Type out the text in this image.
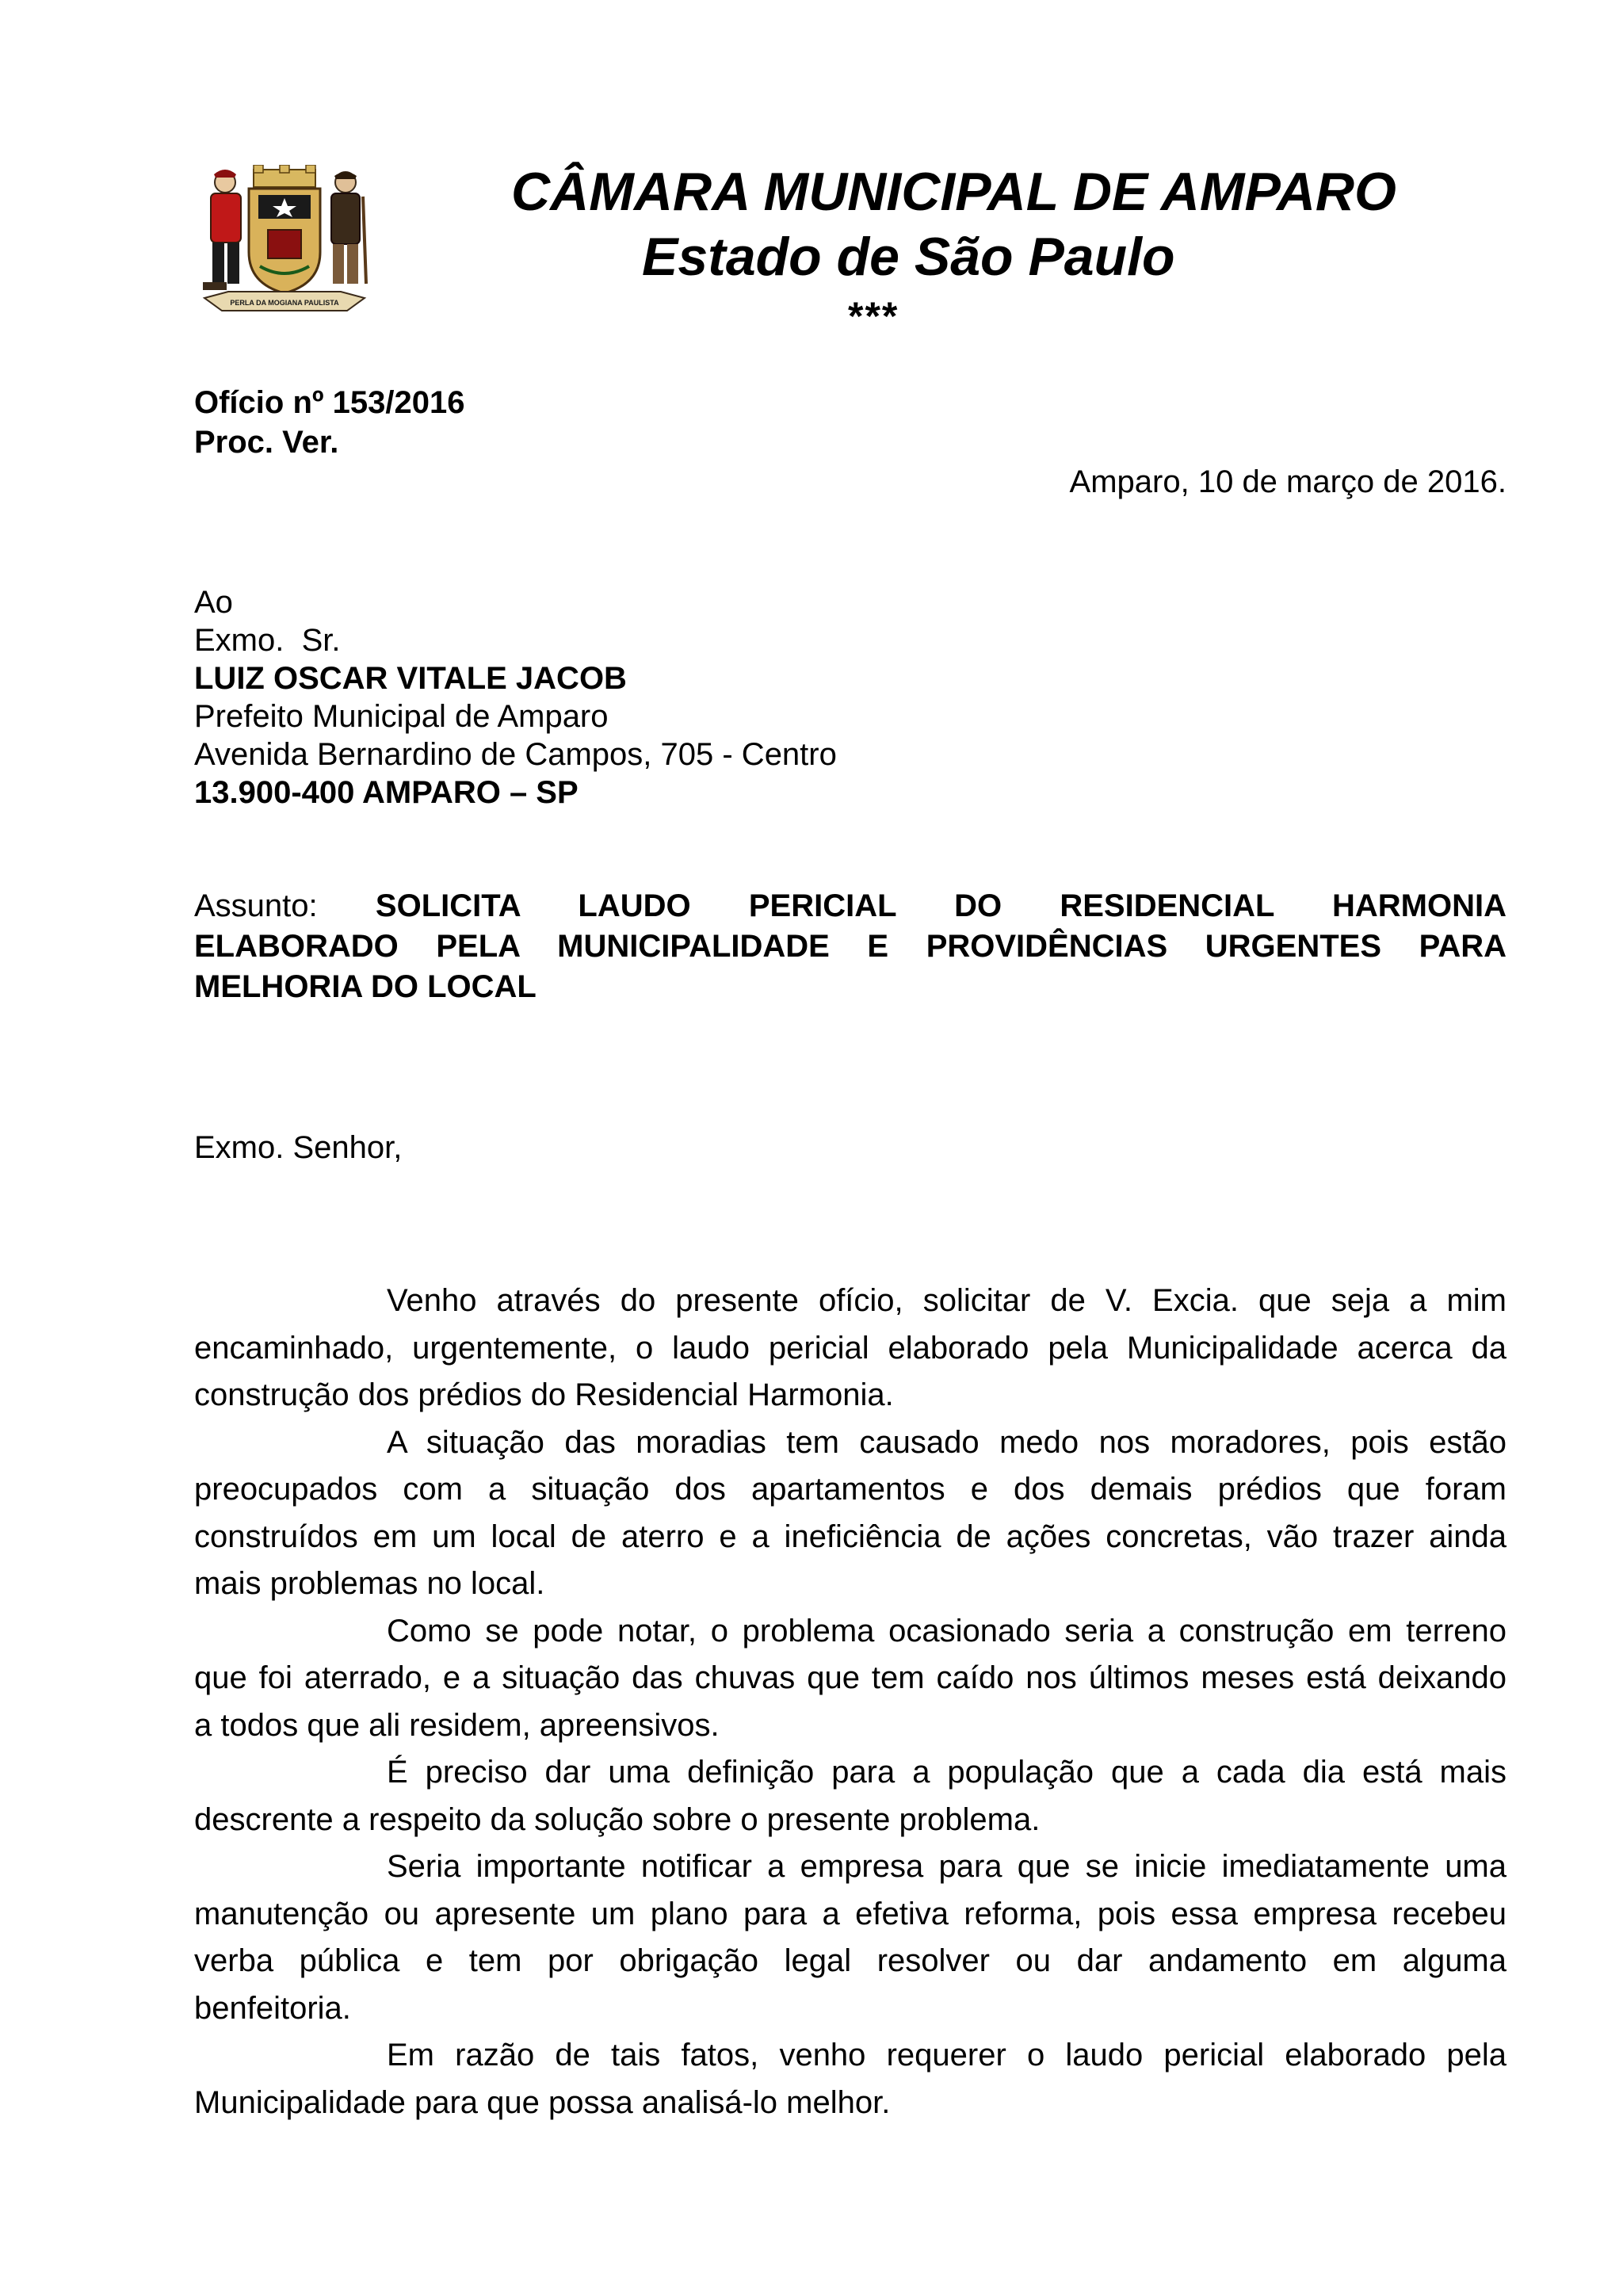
PERLA DA MOGIANA PAULISTA
CÂMARA MUNICIPAL DE AMPARO
Estado de São Paulo
***
Ofício nº 153/2016
Proc. Ver.
Amparo, 10 de março de 2016.
Ao
Exmo.  Sr.
LUIZ OSCAR VITALE JACOB
Prefeito Municipal de Amparo
Avenida Bernardino de Campos, 705 - Centro
13.900-400 AMPARO – SP
Assunto: SOLICITA LAUDO PERICIAL DO RESIDENCIAL HARMONIA
ELABORADO PELA MUNICIPALIDADE E PROVIDÊNCIAS URGENTES PARA
MELHORIA DO LOCAL
Exmo. Senhor,
Venho através do presente ofício, solicitar de V. Excia. que seja a mim
encaminhado, urgentemente, o laudo pericial elaborado pela Municipalidade acerca da
construção dos prédios do Residencial Harmonia.
A situação das moradias tem causado medo nos moradores, pois estão
preocupados com a situação dos apartamentos e dos demais prédios que foram
construídos em um local de aterro e a ineficiência de ações concretas, vão trazer ainda
mais problemas no local.
Como se pode notar, o problema ocasionado seria a construção em terreno
que foi aterrado, e a situação das chuvas que tem caído nos últimos meses está deixando
a todos que ali residem, apreensivos.
É preciso dar uma definição para a população que a cada dia está mais
descrente a respeito da solução sobre o presente problema.
Seria importante notificar a empresa para que se inicie imediatamente uma
manutenção ou apresente um plano para a efetiva reforma, pois essa empresa recebeu
verba pública e tem por obrigação legal resolver ou dar andamento em alguma
benfeitoria.
Em razão de tais fatos, venho requerer o laudo pericial elaborado pela
Municipalidade para que possa analisá-lo melhor.
